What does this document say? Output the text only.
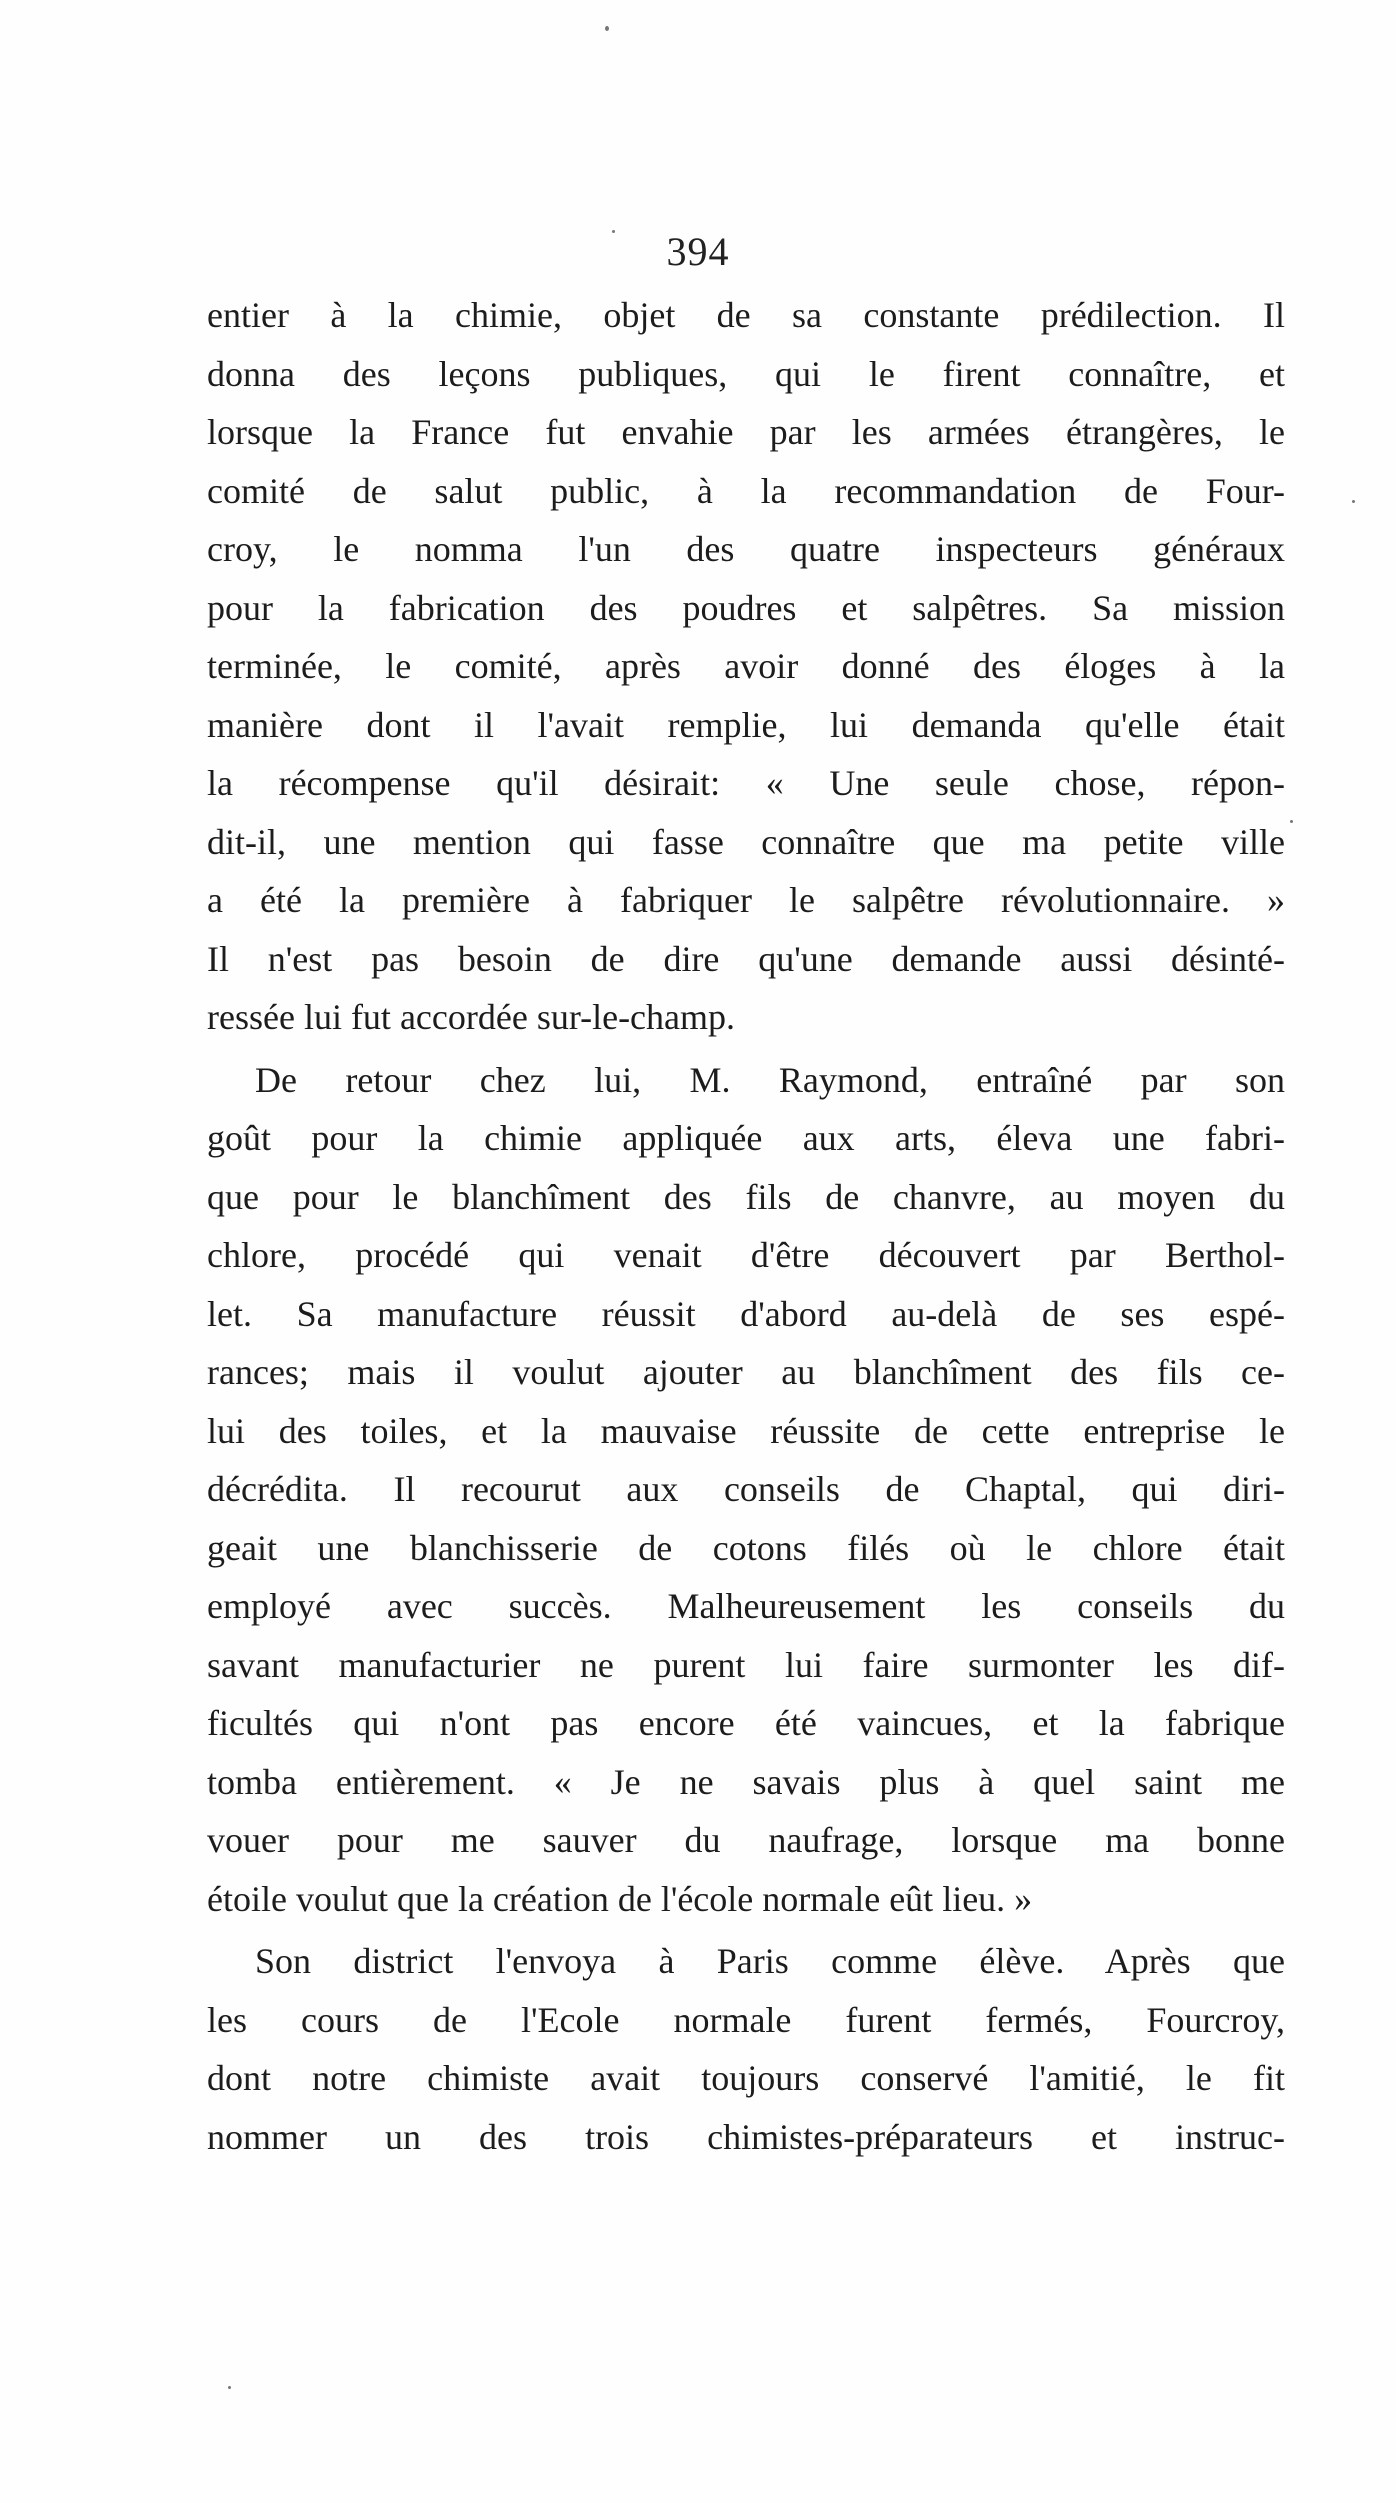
394
entier à la chimie, objet de sa constante prédilection. Il
donna des leçons publiques, qui le firent connaître, et
lorsque la France fut envahie par les armées étrangères, le
comité de salut public, à la recommandation de Four-
croy, le nomma l'un des quatre inspecteurs généraux
pour la fabrication des poudres et salpêtres. Sa mission
terminée, le comité, après avoir donné des éloges à la
manière dont il l'avait remplie, lui demanda qu'elle était
la récompense qu'il désirait: « Une seule chose, répon-
dit-il, une mention qui fasse connaître que ma petite ville
a été la première à fabriquer le salpêtre révolutionnaire. »
Il n'est pas besoin de dire qu'une demande aussi désinté-
ressée lui fut accordée sur-le-champ.
De retour chez lui, M. Raymond, entraîné par son
goût pour la chimie appliquée aux arts, éleva une fabri-
que pour le blanchîment des fils de chanvre, au moyen du
chlore, procédé qui venait d'être découvert par Berthol-
let. Sa manufacture réussit d'abord au-delà de ses espé-
rances; mais il voulut ajouter au blanchîment des fils ce-
lui des toiles, et la mauvaise réussite de cette entreprise le
décrédita. Il recourut aux conseils de Chaptal, qui diri-
geait une blanchisserie de cotons filés où le chlore était
employé avec succès. Malheureusement les conseils du
savant manufacturier ne purent lui faire surmonter les dif-
ficultés qui n'ont pas encore été vaincues, et la fabrique
tomba entièrement. « Je ne savais plus à quel saint me
vouer pour me sauver du naufrage, lorsque ma bonne
étoile voulut que la création de l'école normale eût lieu. »
Son district l'envoya à Paris comme élève. Après que
les cours de l'Ecole normale furent fermés, Fourcroy,
dont notre chimiste avait toujours conservé l'amitié, le fit
nommer un des trois chimistes-préparateurs et instruc-
